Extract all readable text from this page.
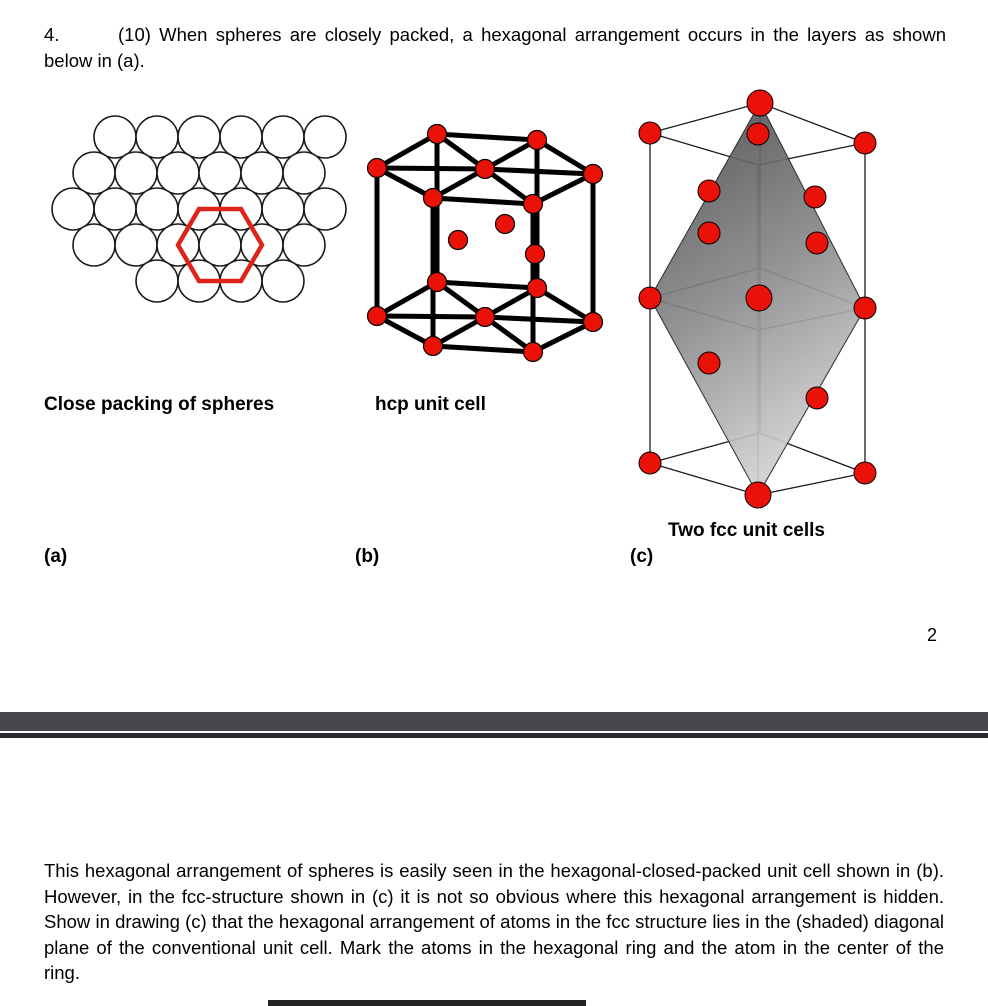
4.	(10) When spheres are closely packed, a hexagonal arrangement occurs in the layers as shown below in (a).
Close packing of spheres	hcp unit cell
Two fcc unit cells
(a)	(b)	(c)
2
This hexagonal arrangement of spheres is easily seen in the hexagonal-closed-packed unit cell shown in (b). However, in the fcc-structure shown in (c) it is not so obvious where this hexagonal arrangement is hidden. Show in drawing (c) that the hexagonal arrangement of atoms in the fcc structure lies in the (shaded) diagonal plane of the conventional unit cell. Mark the atoms in the hexagonal ring and the atom in the center of the ring.
